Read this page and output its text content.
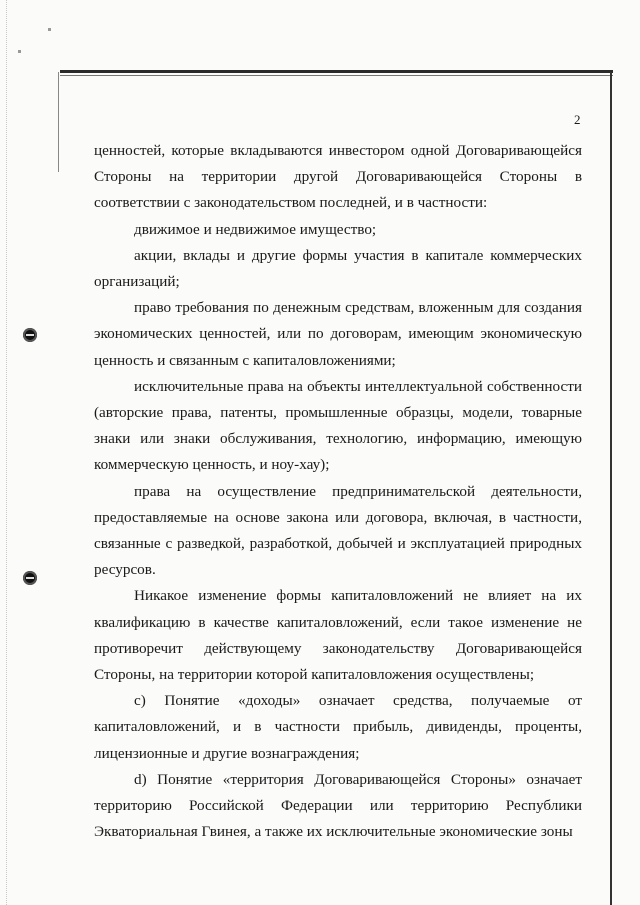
2

ценностей, которые вкладываются инвестором одной Договаривающейся Стороны на территории другой Договаривающейся Стороны в соответствии с законодательством последней, и в частности:

движимое и недвижимое имущество;

акции, вклады и другие формы участия в капитале коммерческих организаций;

право требования по денежным средствам, вложенным для создания экономических ценностей, или по договорам, имеющим экономическую ценность и связанным с капиталовложениями;

исключительные права на объекты интеллектуальной собственности (авторские права, патенты, промышленные образцы, модели, товарные знаки или знаки обслуживания, технологию, информацию, имеющую коммерческую ценность, и ноу-хау);

права на осуществление предпринимательской деятельности, предоставляемые на основе закона или договора, включая, в частности, связанные с разведкой, разработкой, добычей и эксплуатацией природных ресурсов.

Никакое изменение формы капиталовложений не влияет на их квалификацию в качестве капиталовложений, если такое изменение не противоречит действующему законодательству Договаривающейся Стороны, на территории которой капиталовложения осуществлены;

c) Понятие «доходы» означает средства, получаемые от капиталовложений, и в частности прибыль, дивиденды, проценты, лицензионные и другие вознаграждения;

d) Понятие «территория Договаривающейся Стороны» означает территорию Российской Федерации или территорию Республики Экваториальная Гвинея, а также их исключительные экономические зоны
